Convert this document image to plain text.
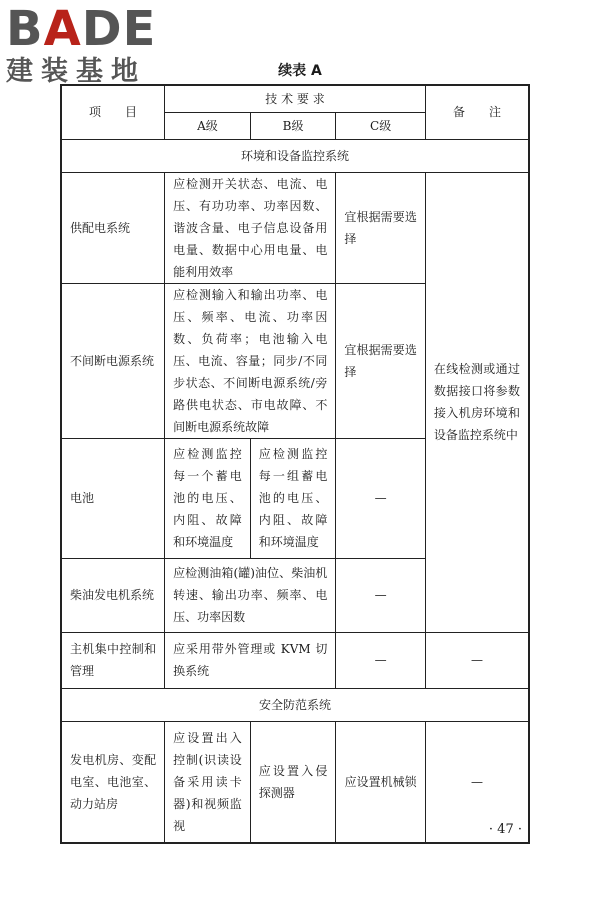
BADE
建装基地	续表 A
项　　目	技 术 要 求			备　　注
	A级	B级	C级	
环境和设备监控系统				
供配电系统	应检测开关状态、电流、电压、有功功率、功率因数、谐波含量、电子信息设备用电量、数据中心用电量、电能利用效率		宜根据需要选择	在线检测或通过数据接口将参数接入机房环境和设备监控系统中
不间断电源系统	应检测输入和输出功率、电压、频率、电流、功率因数、负荷率；电池输入电压、电流、容量；同步/不同步状态、不间断电源系统/旁路供电状态、市电故障、不间断电源系统故障		宜根据需要选择	
电池	应检测监控每一个蓄电池的电压、内阻、故障和环境温度	应检测监控每一组蓄电池的电压、内阻、故障和环境温度	—	
柴油发电机系统	应检测油箱(罐)油位、柴油机转速、输出功率、频率、电压、功率因数		—	
主机集中控制和管理	应采用带外管理或 KVM 切换系统		—	—
安全防范系统				
发电机房、变配电室、电池室、动力站房	应设置出入控制(识读设备采用读卡器)和视频监视	应设置入侵探测器	应设置机械锁	—
· 47 ·
